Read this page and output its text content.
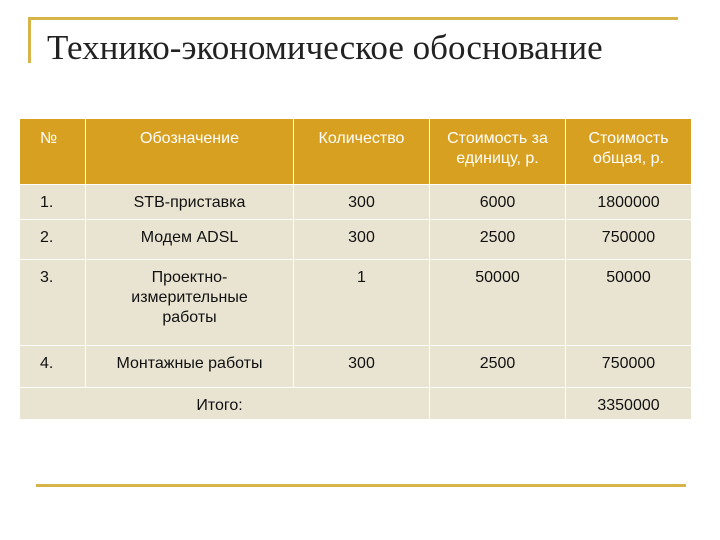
Технико-экономическое обоснование
№	Обозначение	Количество	Стоимость за единицу, р.	Стоимость общая, р.
1.	STB-приставка	300	6000	1800000
2.	Модем ADSL	300	2500	750000
3.	Проектно-измерительные работы	1	50000	50000
4.	Монтажные работы	300	2500	750000
Итого:				3350000
